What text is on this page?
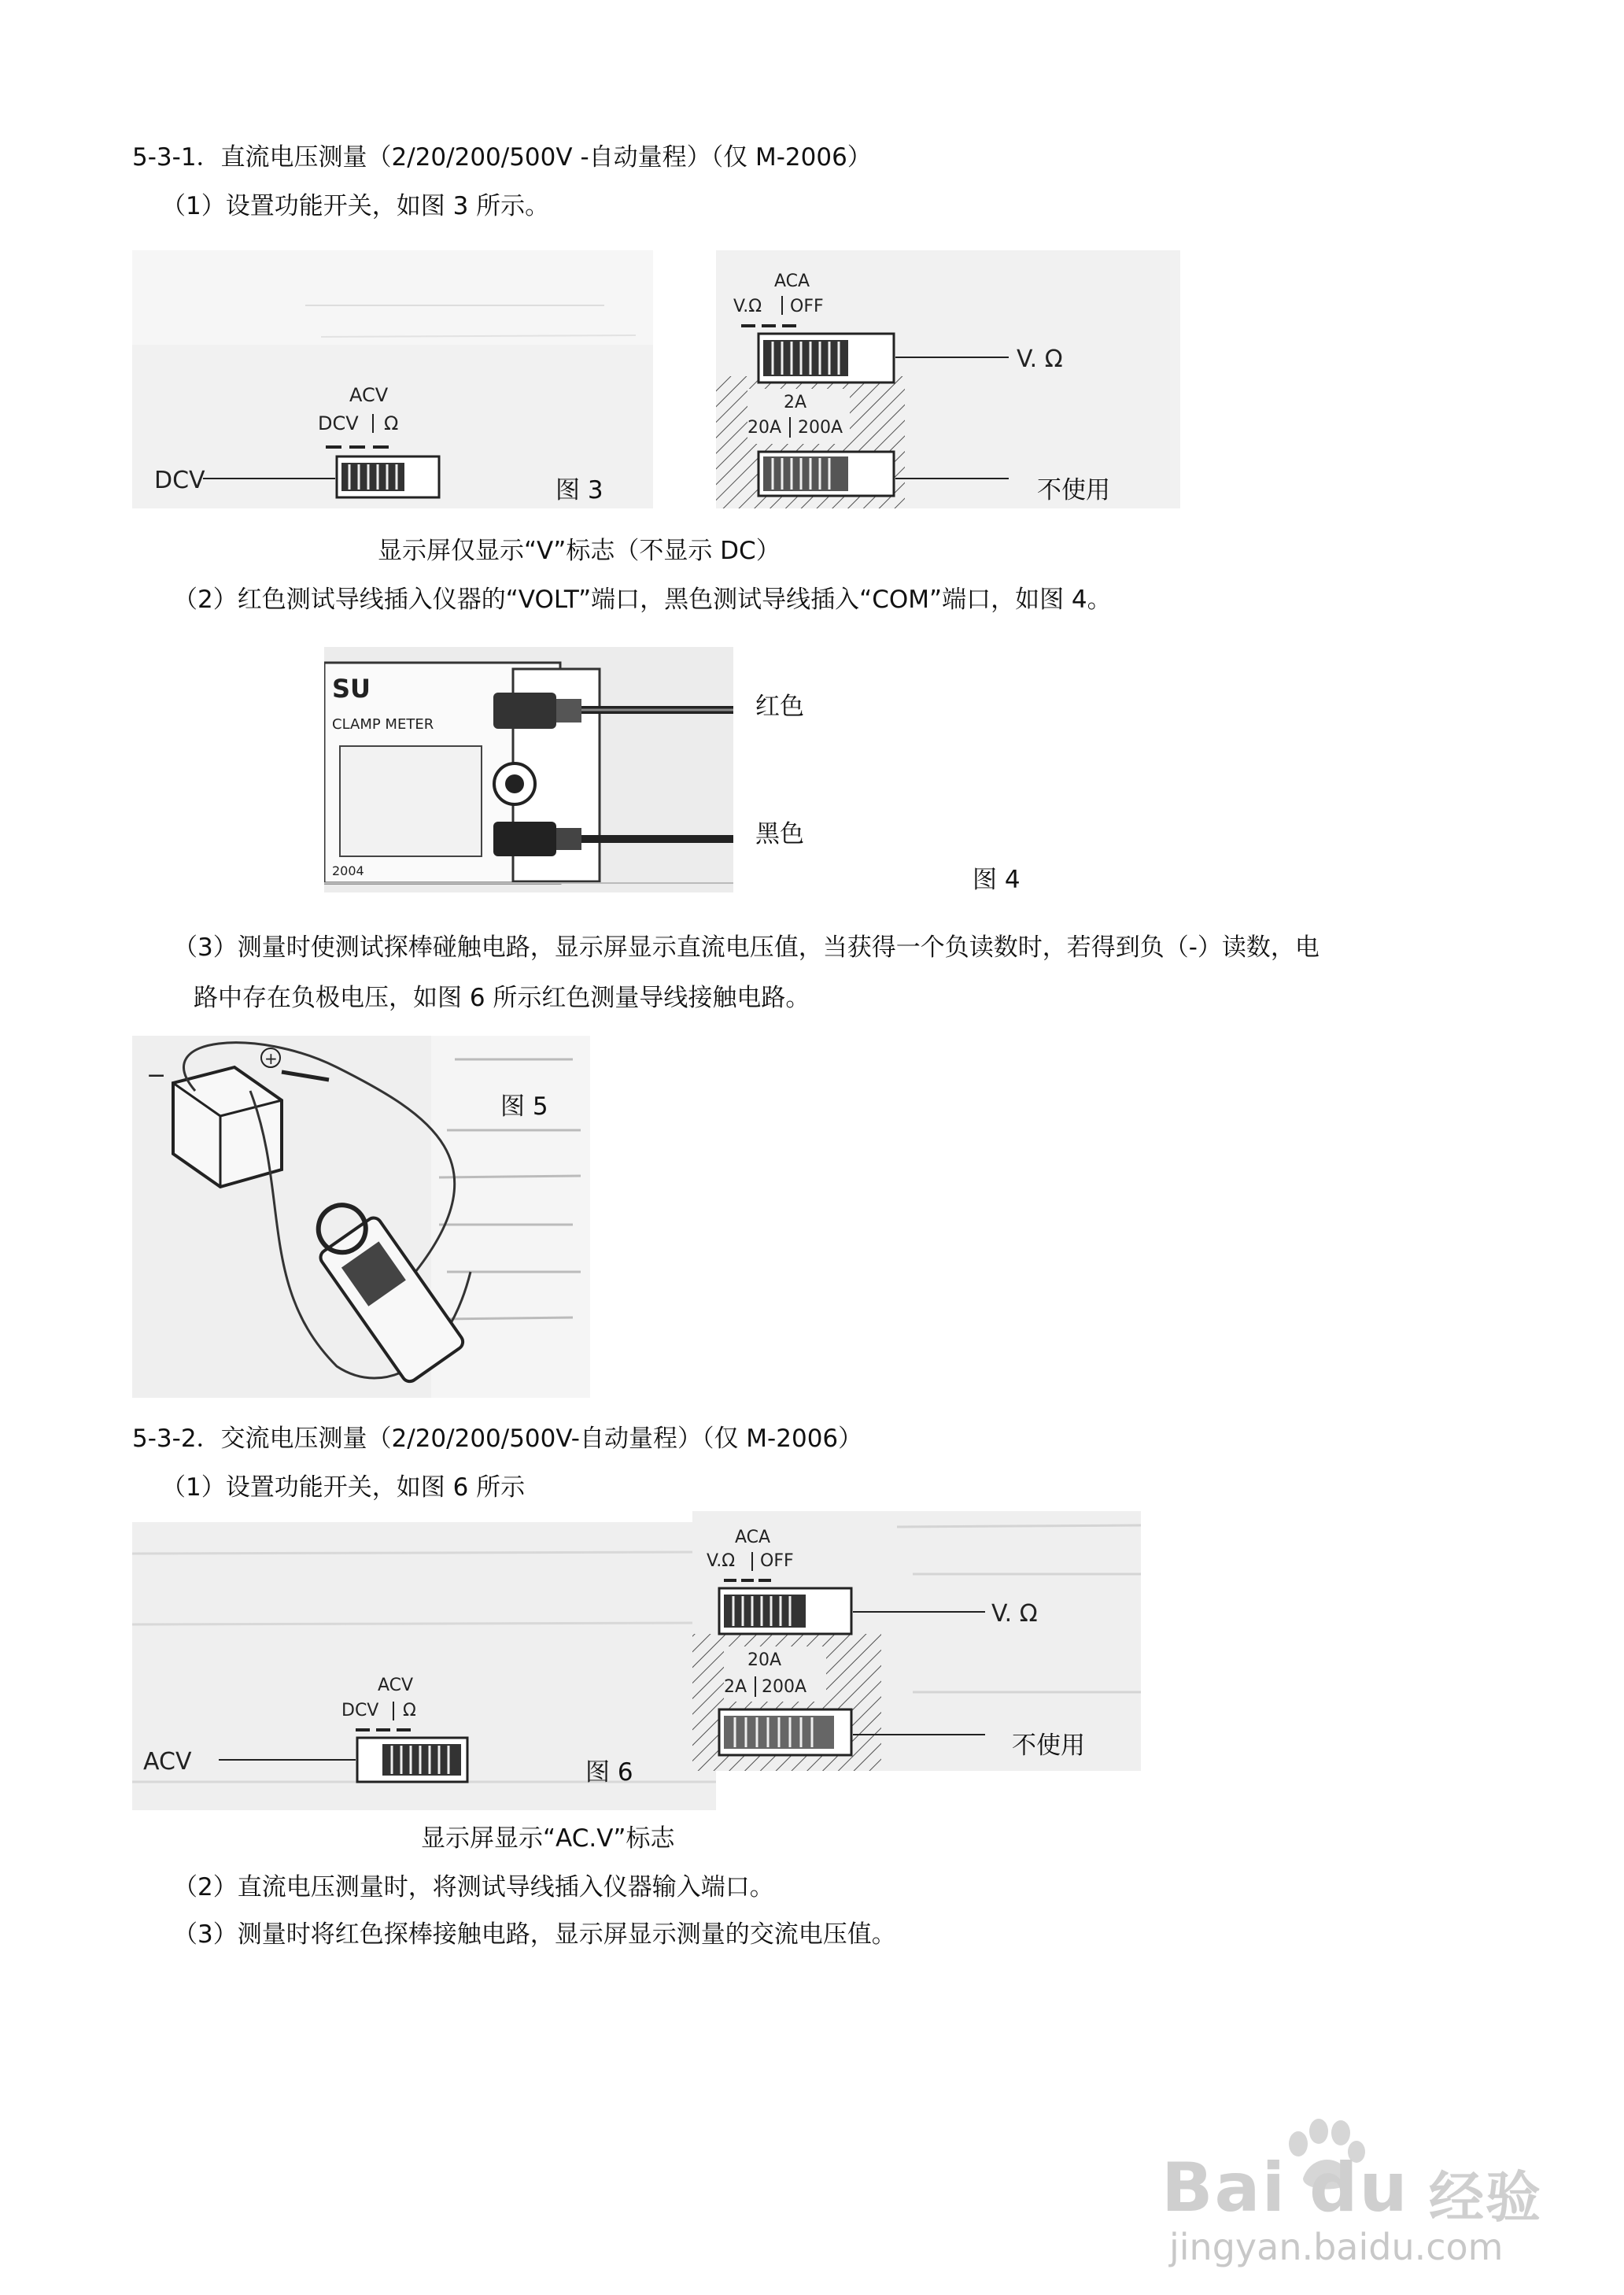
5-3-1．直流电压测量（2/20/200/500V -自动量程）（仅 M-2006）
（1）设置功能开关，如图 3 所示。
ACV
DCV Ω
DCV	图 3
ACA
V.Ω OFF
V. Ω
2A
20A 200A
不使用
显示屏仅显示“V”标志（不显示 DC）
（2）红色测试导线插入仪器的“VOLT”端口，黑色测试导线插入“COM”端口，如图 4。
SU
CLAMP METER
2004
红色
黑色
图 4
（3）测量时使测试探棒碰触电路，显示屏显示直流电压值，当获得一个负读数时，若得到负（-）读数，电
路中存在负极电压，如图 6 所示红色测量导线接触电路。
−
+
图 5
5-3-2．交流电压测量（2/20/200/500V-自动量程）（仅 M-2006）
（1）设置功能开关，如图 6 所示
ACV
DCV Ω
ACV	图 6
ACA
V.Ω OFF
V. Ω
20A
2A 200A
不使用
显示屏显示“AC.V”标志
（2）直流电压测量时，将测试导线插入仪器输入端口。
（3）测量时将红色探棒接触电路，显示屏显示测量的交流电压值。
Bai du 经验
jingyan.baidu.com
